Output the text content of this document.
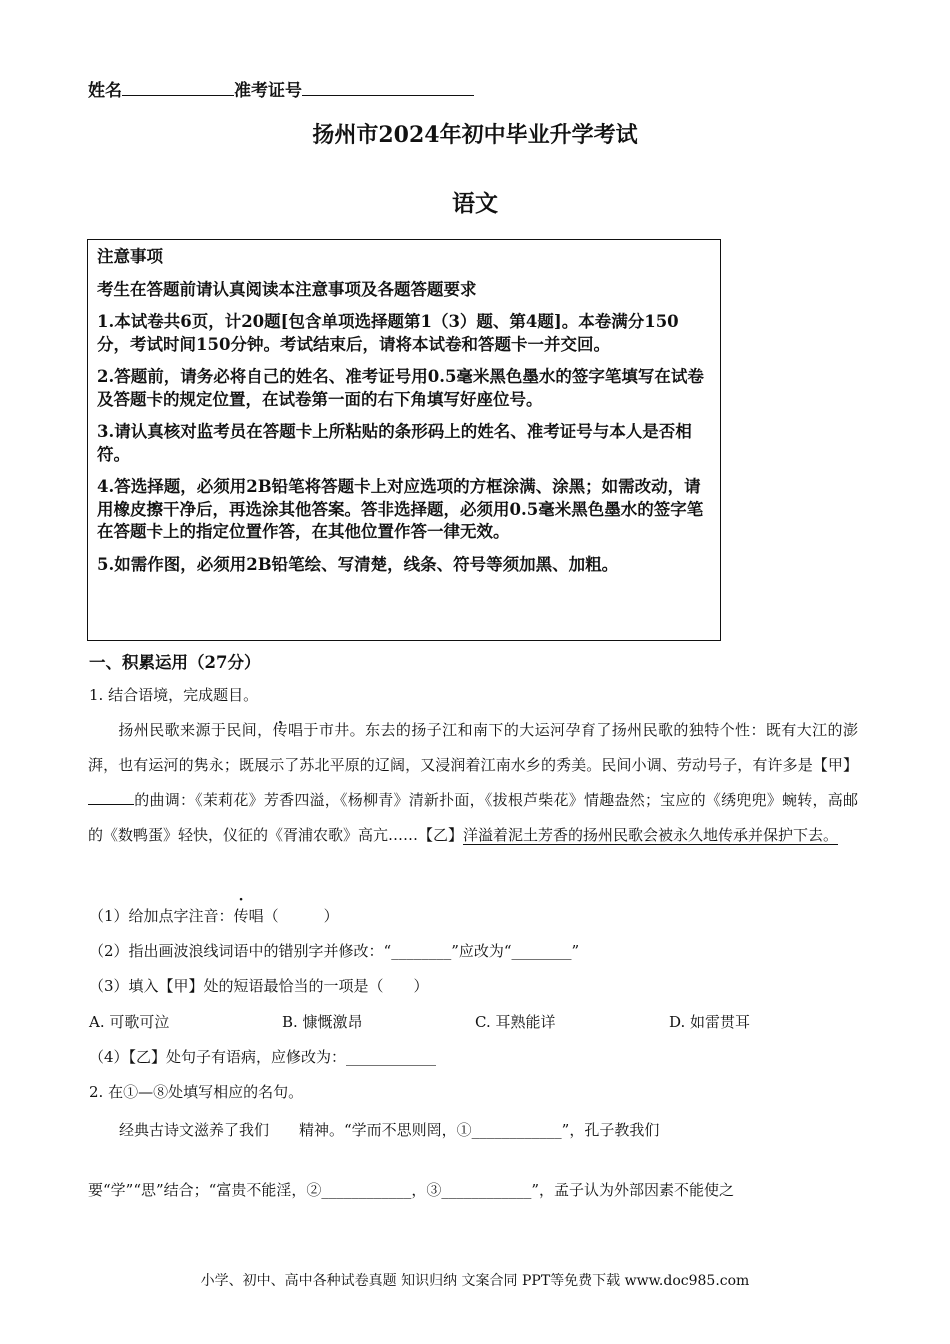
姓名	准考证号
扬州市2024年初中毕业升学考试
语文
注意事项
考生在答题前请认真阅读本注意事项及各题答题要求
1.本试卷共6页，计20题[包含单项选择题第1（3）题、第4题]。本卷满分150分，考试时间150分钟。考试结束后，请将本试卷和答题卡一并交回。
2.答题前，请务必将自己的姓名、准考证号用0.5毫米黑色墨水的签字笔填写在试卷及答题卡的规定位置，在试卷第一面的右下角填写好座位号。
3.请认真核对监考员在答题卡上所粘贴的条形码上的姓名、准考证号与本人是否相符。
4.答选择题，必须用2B铅笔将答题卡上对应选项的方框涂满、涂黑；如需改动，请用橡皮擦干净后，再选涂其他答案。答非选择题，必须用0.5毫米黑色墨水的签字笔在答题卡上的指定位置作答，在其他位置作答一律无效。
5.如需作图，必须用2B铅笔绘、写清楚，线条、符号等须加黑、加粗。
一、积累运用（27分）
1. 结合语境，完成题目。
扬州民歌来源于民间，传唱于市井。东去的扬子江和南下的大运河孕育了扬州民歌的独特个性：既有大江的澎湃，也有运河的隽永；既展示了苏北平原的辽阔，又浸润着江南水乡的秀美。民间小调、劳动号子，有许多是【甲】的曲调：《茉莉花》芳香四溢，《杨柳青》清新扑面，《拔根芦柴花》情趣盎然；宝应的《绣兜兜》蜿转，高邮的《数鸭蛋》轻快，仪征的《胥浦农歌》高亢……【乙】洋溢着泥土芳香的扬州民歌会被永久地传承并保护下去。
（1）给加点字注音：传唱（　　　）
（2）指出画波浪线词语中的错别字并修改：“________”应改为“________”
（3）填入【甲】处的短语最恰当的一项是（　　）
A. 可歌可泣	B. 慷慨激昂	C. 耳熟能详	D. 如雷贯耳
（4）【乙】处句子有语病，应修改为：____________
2. 在①—⑧处填写相应的名句。
经典古诗文滋养了我们　　精神。“学而不思则罔，①____________”，孔子教我们
要“学”“思”结合；“富贵不能淫，②____________，③____________”，孟子认为外部因素不能使之
小学、初中、高中各种试卷真题 知识归纳 文案合同 PPT等免费下载 www.doc985.com
